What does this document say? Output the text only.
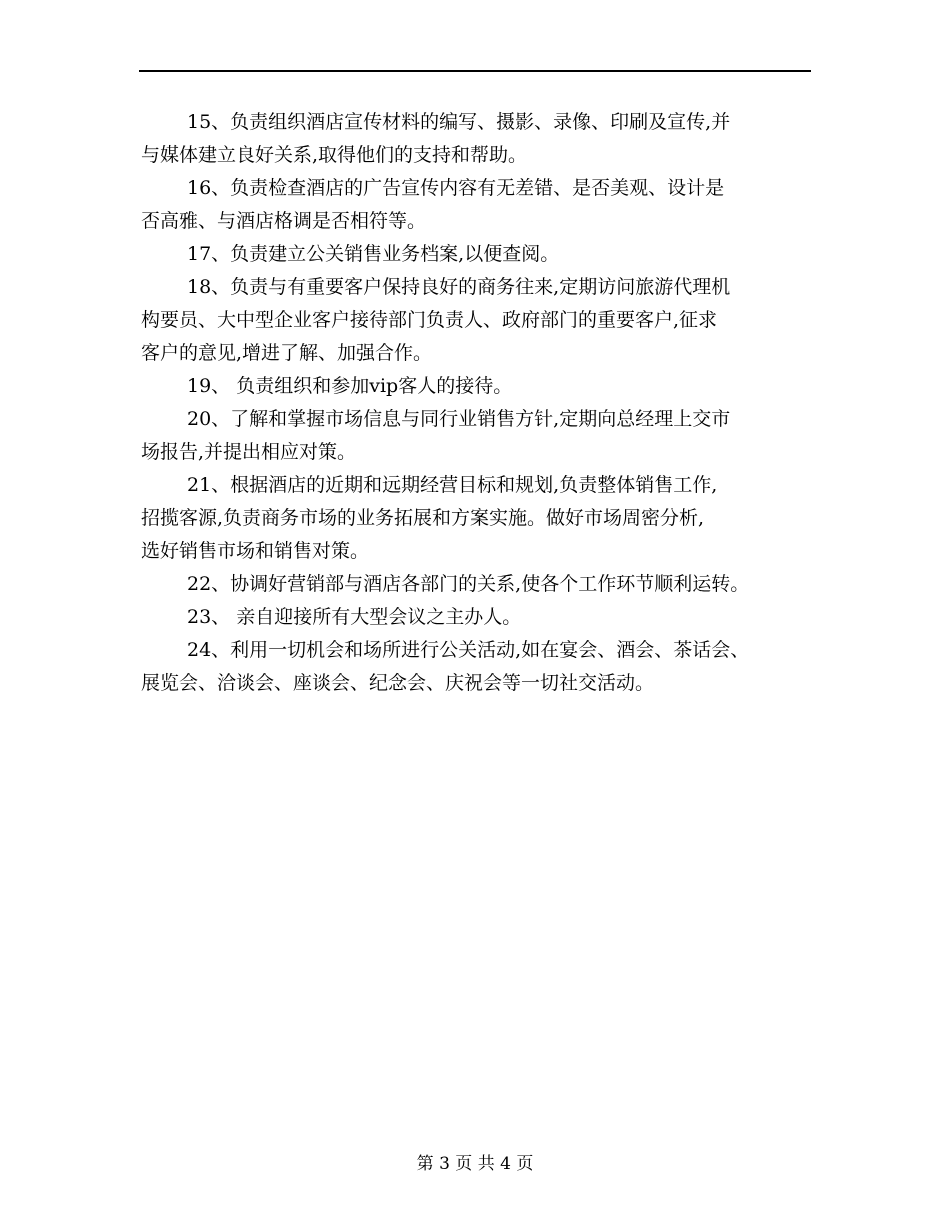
15、负责组织酒店宣传材料的编写、摄影、录像、印刷及宣传,并
与媒体建立良好关系,取得他们的支持和帮助。

16、负责检查酒店的广告宣传内容有无差错、是否美观、设计是
否高雅、与酒店格调是否相符等。

17、负责建立公关销售业务档案,以便查阅。

18、负责与有重要客户保持良好的商务往来,定期访问旅游代理机
构要员、大中型企业客户接待部门负责人、政府部门的重要客户,征求
客户的意见,增进了解、加强合作。

19、 负责组织和参加vip客人的接待。

20、了解和掌握市场信息与同行业销售方针,定期向总经理上交市
场报告,并提出相应对策。

21、根据酒店的近期和远期经营目标和规划,负责整体销售工作,
招揽客源,负责商务市场的业务拓展和方案实施。做好市场周密分析,
选好销售市场和销售对策。

22、协调好营销部与酒店各部门的关系,使各个工作环节顺利运转。

23、 亲自迎接所有大型会议之主办人。

24、利用一切机会和场所进行公关活动,如在宴会、酒会、茶话会、
展览会、洽谈会、座谈会、纪念会、庆祝会等一切社交活动。

第 3 页 共 4 页
